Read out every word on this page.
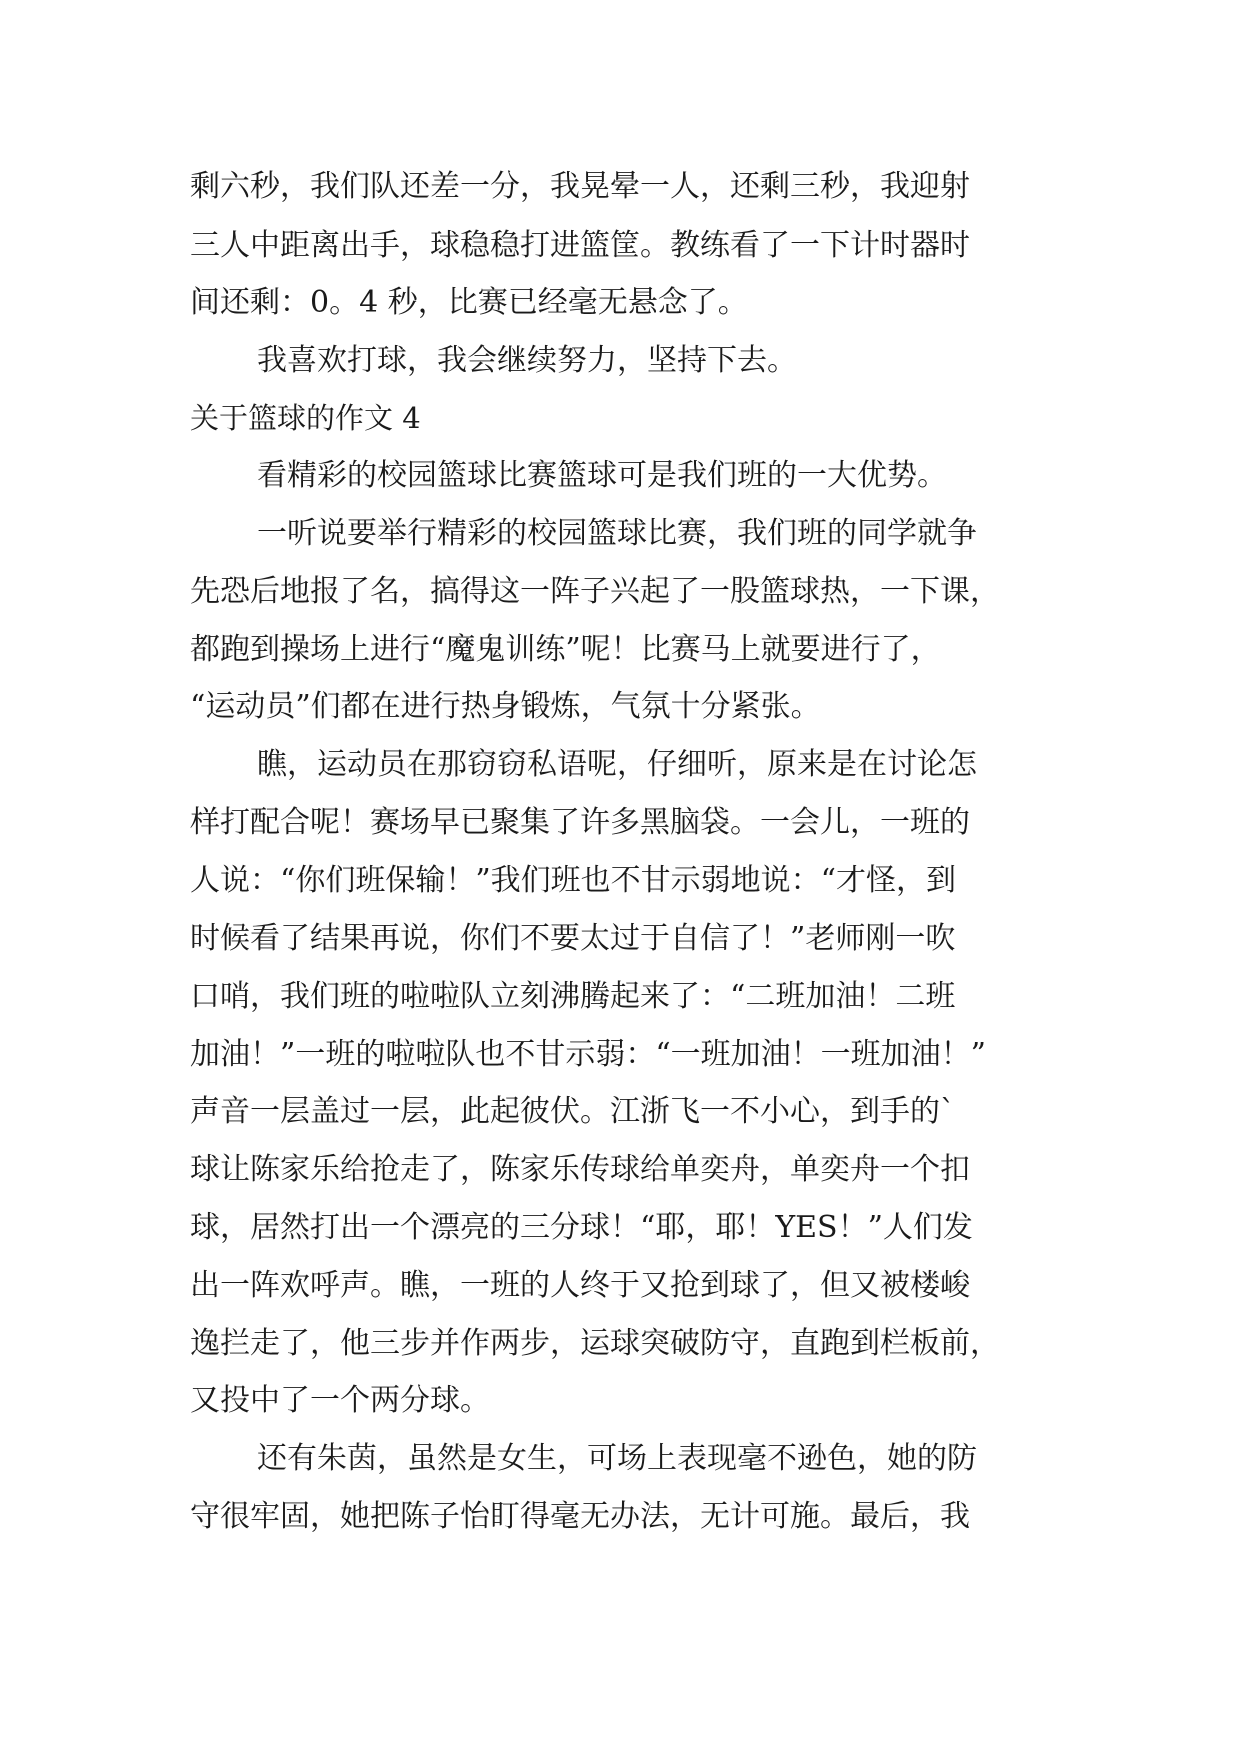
剩六秒，我们队还差一分，我晃晕一人，还剩三秒，我迎射
三人中距离出手，球稳稳打进篮筐。教练看了一下计时器时
间还剩：0。4 秒，比赛已经毫无悬念了。
我喜欢打球，我会继续努力，坚持下去。
关于篮球的作文 4
看精彩的校园篮球比赛篮球可是我们班的一大优势。
一听说要举行精彩的校园篮球比赛，我们班的同学就争
先恐后地报了名，搞得这一阵子兴起了一股篮球热，一下课，
都跑到操场上进行“魔鬼训练”呢！比赛马上就要进行了，
“运动员”们都在进行热身锻炼，气氛十分紧张。
瞧，运动员在那窃窃私语呢，仔细听，原来是在讨论怎
样打配合呢！赛场早已聚集了许多黑脑袋。一会儿，一班的
人说：“你们班保输！”我们班也不甘示弱地说：“才怪，到
时候看了结果再说，你们不要太过于自信了！”老师刚一吹
口哨，我们班的啦啦队立刻沸腾起来了：“二班加油！二班
加油！”一班的啦啦队也不甘示弱：“一班加油！一班加油！”
声音一层盖过一层，此起彼伏。江浙飞一不小心，到手的`
球让陈家乐给抢走了，陈家乐传球给单奕舟，单奕舟一个扣
球，居然打出一个漂亮的三分球！“耶，耶！YES！”人们发
出一阵欢呼声。瞧，一班的人终于又抢到球了，但又被楼峻
逸拦走了，他三步并作两步，运球突破防守，直跑到栏板前，
又投中了一个两分球。
还有朱茵，虽然是女生，可场上表现毫不逊色，她的防
守很牢固，她把陈子怡盯得毫无办法，无计可施。最后，我
